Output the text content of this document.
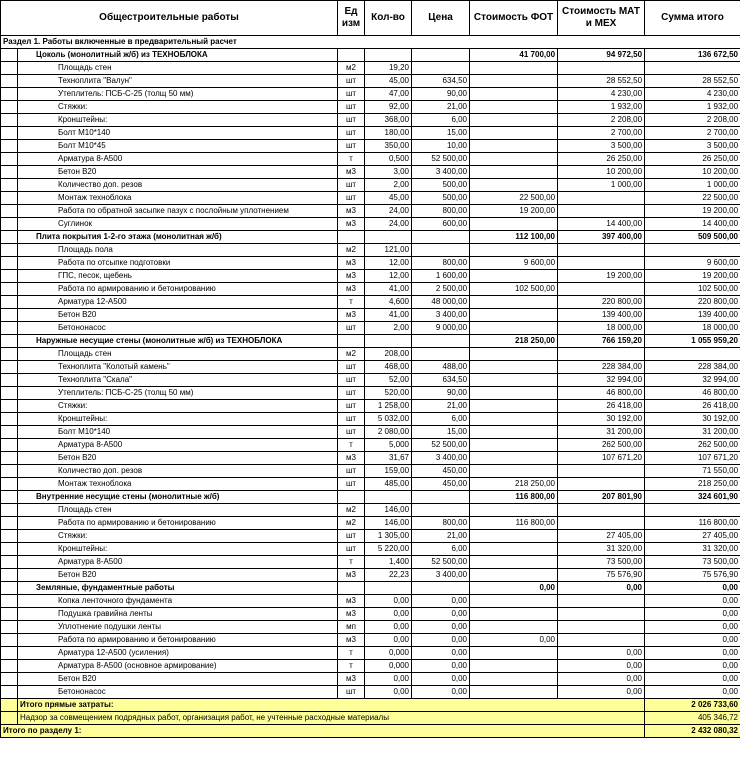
Общестроительные работы		Ед изм	Кол-во	Цена	Стоимость ФОТ	Стоимость МАТ и МЕХ	Сумма итого
Раздел 1. Работы включенные в предварительный расчет							
	Цоколь (монолитный ж/б) из ТЕХНОБЛОКА				41 700,00	94 972,50	136 672,50
	Площадь стен	м2	19,20				
	Техноплита "Валун"	шт	45,00	634,50		28 552,50	28 552,50
	Утеплитель: ПСБ-С-25 (толщ 50 мм)	шт	47,00	90,00		4 230,00	4 230,00
	Стяжки:	шт	92,00	21,00		1 932,00	1 932,00
	Кронштейны:	шт	368,00	6,00		2 208,00	2 208,00
	Болт М10*140	шт	180,00	15,00		2 700,00	2 700,00
	Болт М10*45	шт	350,00	10,00		3 500,00	3 500,00
	Арматура 8-А500	т	0,500	52 500,00		26 250,00	26 250,00
	Бетон В20	м3	3,00	3 400,00		10 200,00	10 200,00
	Количество доп. резов	шт	2,00	500,00		1 000,00	1 000,00
	Монтаж техноблока	шт	45,00	500,00	22 500,00		22 500,00
	Работа по обратной засыпке пазух с послойным уплотнением	м3	24,00	800,00	19 200,00		19 200,00
	Суглинок	м3	24,00	600,00		14 400,00	14 400,00
	Плита покрытия 1-2-го этажа (монолитная ж/б)				112 100,00	397 400,00	509 500,00
	Площадь пола	м2	121,00				
	Работа по отсыпке подготовки	м3	12,00	800,00	9 600,00		9 600,00
	ГПС, песок, щебень	м3	12,00	1 600,00		19 200,00	19 200,00
	Работа по армированию и бетонированию	м3	41,00	2 500,00	102 500,00		102 500,00
	Арматура 12-А500	т	4,600	48 000,00		220 800,00	220 800,00
	Бетон В20	м3	41,00	3 400,00		139 400,00	139 400,00
	Бетононасос	шт	2,00	9 000,00		18 000,00	18 000,00
	Наружные несущие стены (монолитные ж/б) из ТЕХНОБЛОКА				218 250,00	766 159,20	1 055 959,20
	Площадь стен	м2	208,00				
	Техноплита "Колотый камень"	шт	468,00	488,00		228 384,00	228 384,00
	Техноплита "Скала"	шт	52,00	634,50		32 994,00	32 994,00
	Утеплитель: ПСБ-С-25 (толщ 50 мм)	шт	520,00	90,00		46 800,00	46 800,00
	Стяжки:	шт	1 258,00	21,00		26 418,00	26 418,00
	Кронштейны:	шт	5 032,00	6,00		30 192,00	30 192,00
	Болт М10*140	шт	2 080,00	15,00		31 200,00	31 200,00
	Арматура 8-А500	т	5,000	52 500,00		262 500,00	262 500,00
	Бетон В20	м3	31,67	3 400,00		107 671,20	107 671,20
	Количество доп. резов	шт	159,00	450,00			71 550,00
	Монтаж техноблока	шт	485,00	450,00	218 250,00		218 250,00
	Внутренние несущие стены (монолитные ж/б)				116 800,00	207 801,90	324 601,90
	Площадь стен	м2	146,00				
	Работа по армированию и бетонированию	м2	146,00	800,00	116 800,00		116 800,00
	Стяжки:	шт	1 305,00	21,00		27 405,00	27 405,00
	Кронштейны:	шт	5 220,00	6,00		31 320,00	31 320,00
	Арматура 8-А500	т	1,400	52 500,00		73 500,00	73 500,00
	Бетон В20	м3	22,23	3 400,00		75 576,90	75 576,90
	Земляные, фундаментные работы				0,00	0,00	0,00
	Копка ленточного фундамента	м3	0,00	0,00			0,00
	Подушка гравийна ленты	м3	0,00	0,00			0,00
	Уплотнение подушки ленты	мп	0,00	0,00			0,00
	Работа по армированию и бетонированию	м3	0,00	0,00	0,00		0,00
	Арматура 12-А500 (усиления)	т	0,000	0,00		0,00	0,00
	Арматура 8-А500 (основное армирование)	т	0,000	0,00		0,00	0,00
	Бетон В20	м3	0,00	0,00		0,00	0,00
	Бетононасос	шт	0,00	0,00		0,00	0,00
	Итого прямые затраты:						2 026 733,60
	Надзор за совмещением подрядных работ, организация работ, не учтенные расходные материалы						405 346,72
Итого по разделу 1:							2 432 080,32
